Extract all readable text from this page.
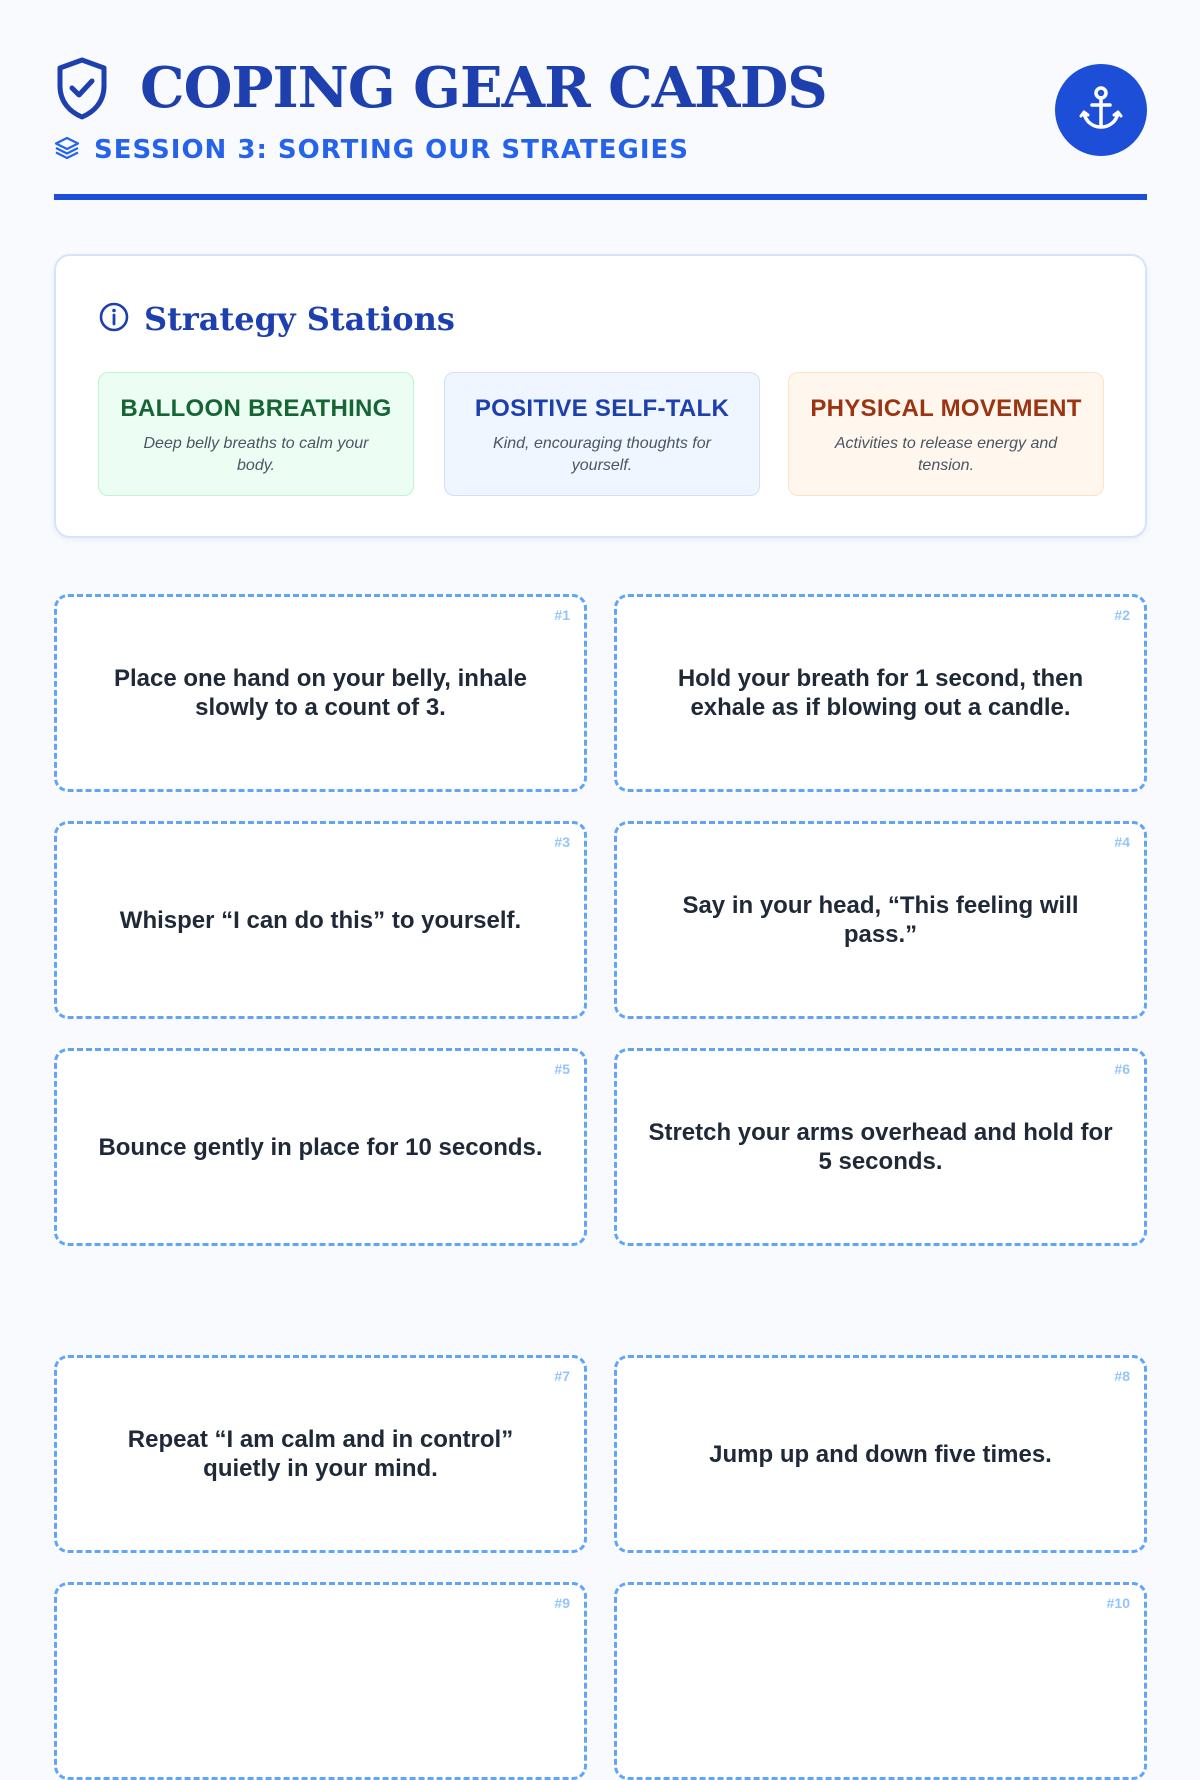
COPING GEAR CARDS
SESSION 3: SORTING OUR STRATEGIES
Strategy Stations
BALLOON BREATHING
Deep belly breaths to calm your body.
POSITIVE SELF-TALK
Kind, encouraging thoughts for yourself.
PHYSICAL MOVEMENT
Activities to release energy and tension.
#1
Place one hand on your belly, inhale slowly to a count of 3.
#2
Hold your breath for 1 second, then exhale as if blowing out a candle.
#3
Whisper “I can do this” to yourself.
#4
Say in your head, “This feeling will pass.”
#5
Bounce gently in place for 10 seconds.
#6
Stretch your arms overhead and hold for 5 seconds.
#7
Repeat “I am calm and in control” quietly in your mind.
#8
Jump up and down five times.
#9	#10
